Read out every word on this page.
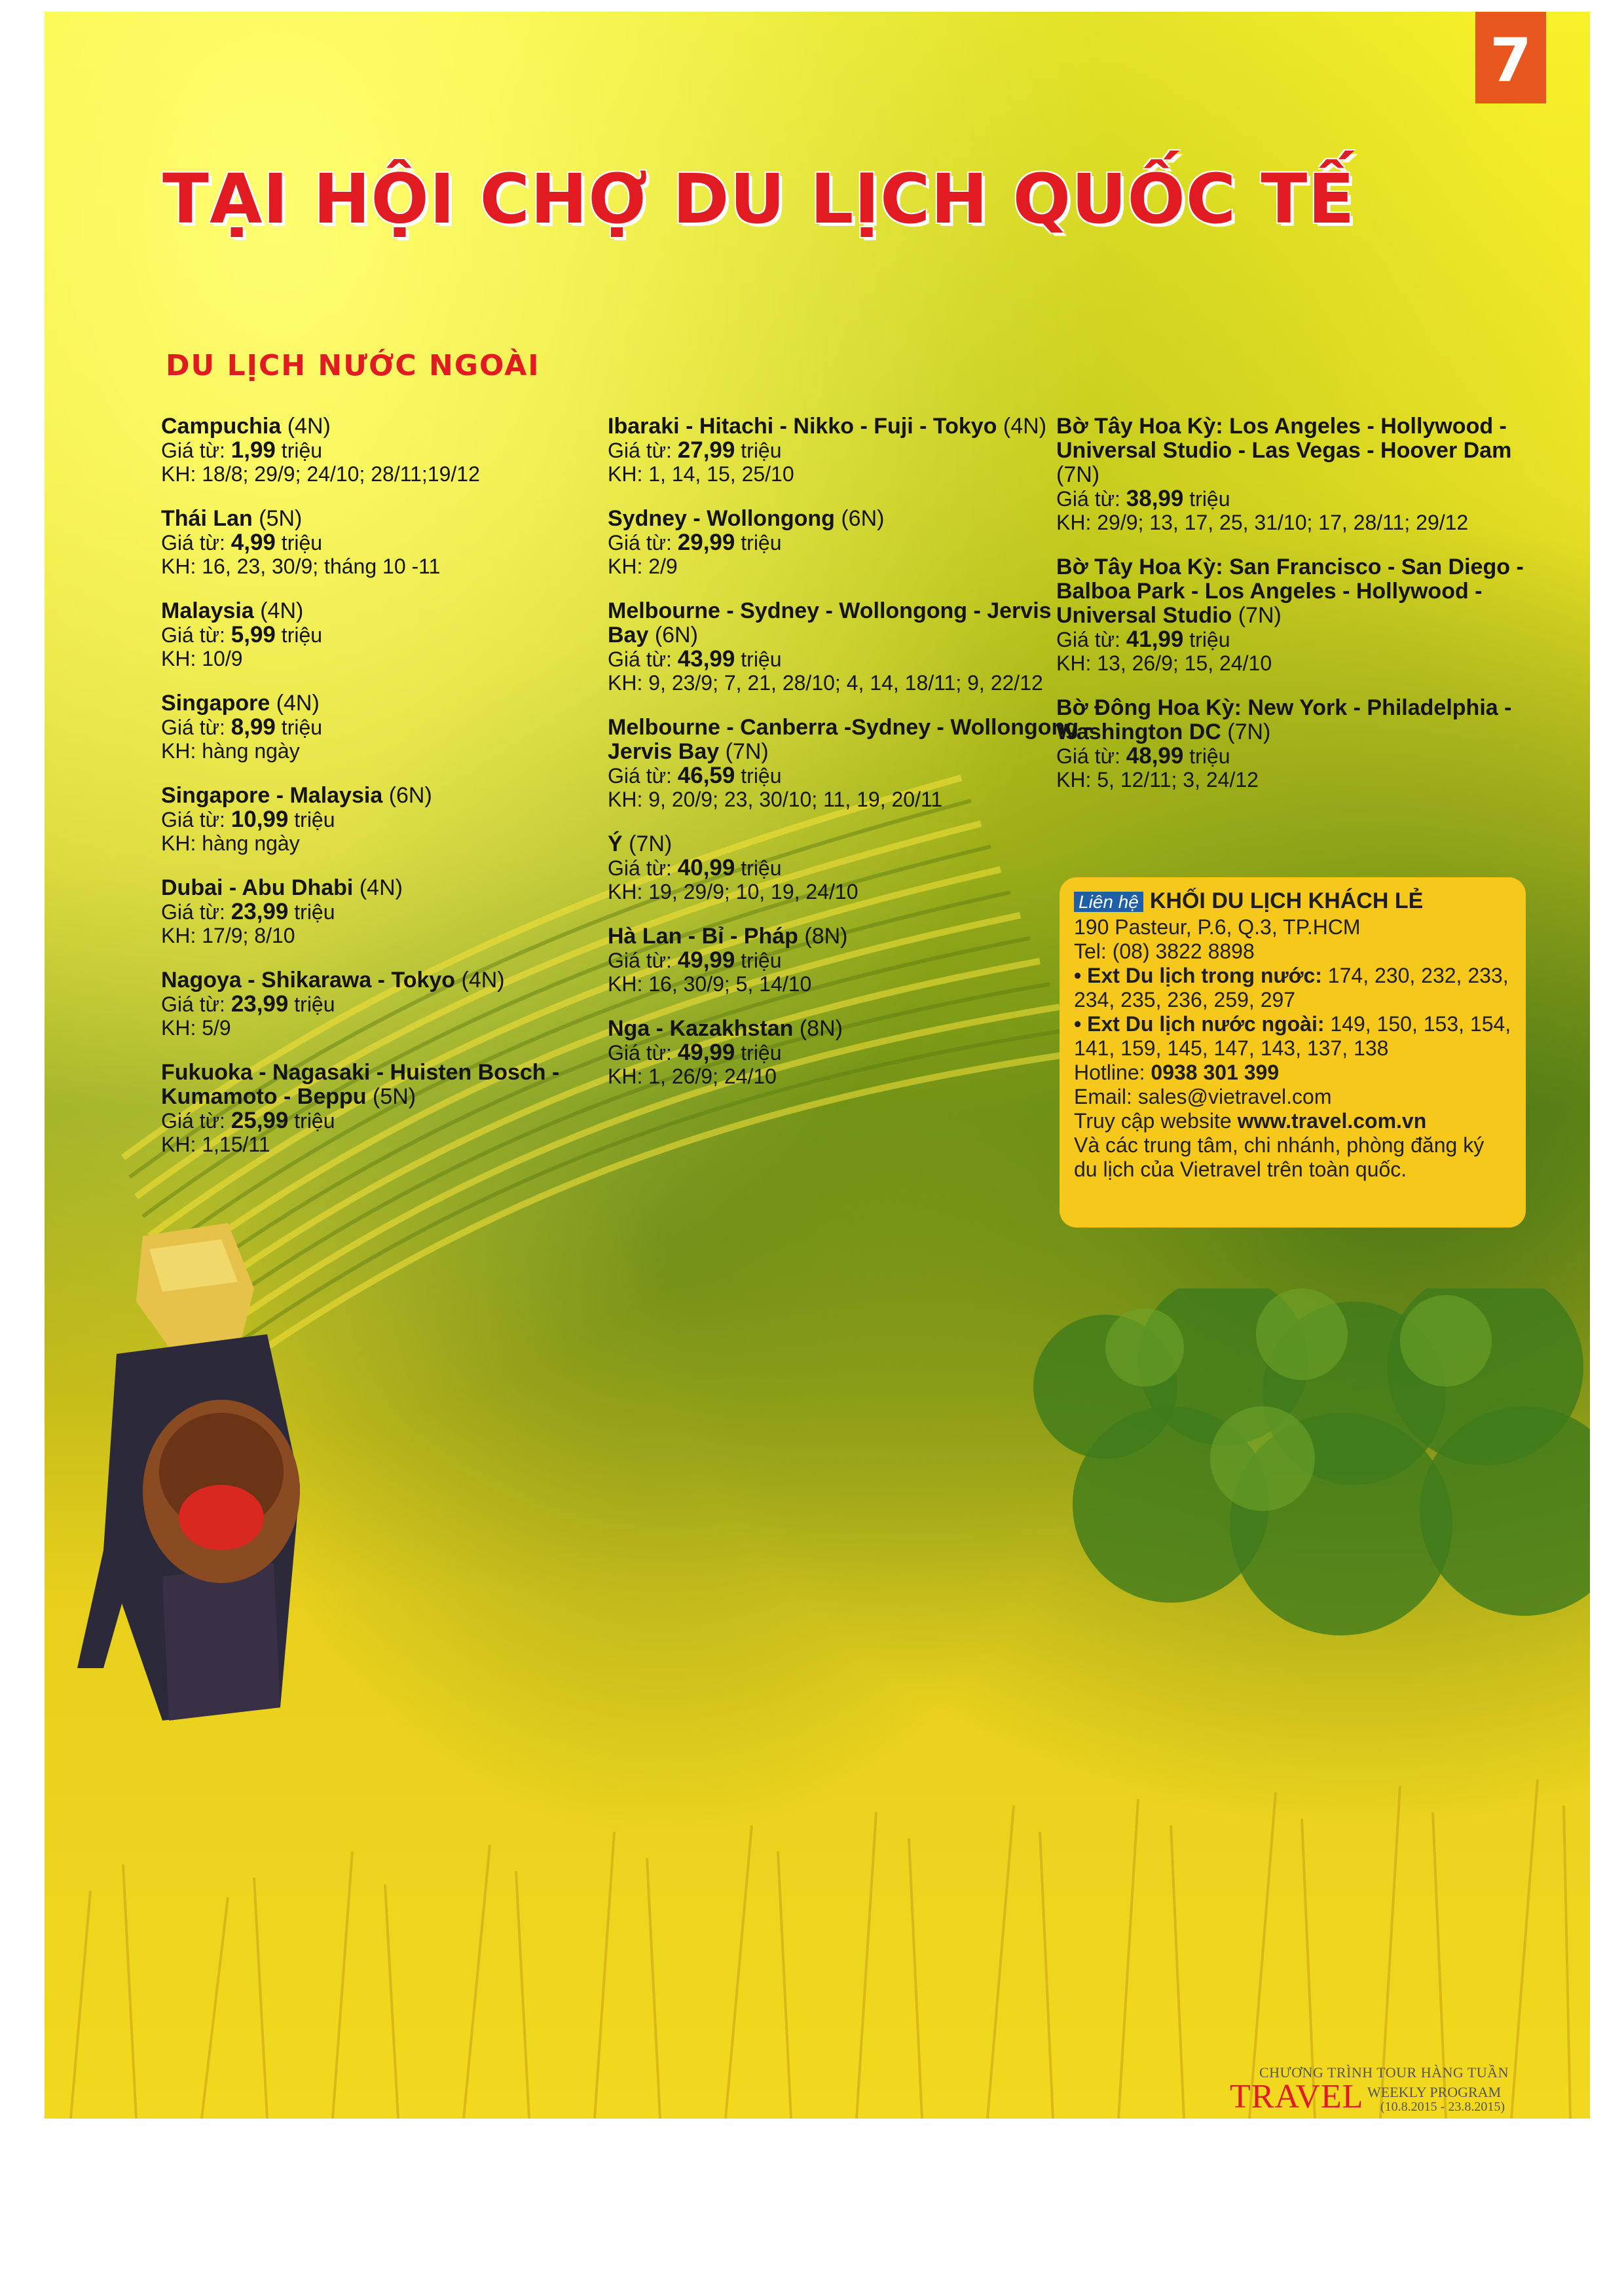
7
TẠI HỘI CHỢ DU LỊCH QUỐC TẾ
DU LỊCH NƯỚC NGOÀI
Campuchia (4N)
Giá từ: 1,99 triệu
KH: 18/8; 29/9; 24/10; 28/11;19/12
Thái Lan (5N)
Giá từ: 4,99 triệu
KH: 16, 23, 30/9; tháng 10 -11
Malaysia (4N)
Giá từ: 5,99 triệu
KH: 10/9
Singapore (4N)
Giá từ: 8,99 triệu
KH: hàng ngày
Singapore - Malaysia (6N)
Giá từ: 10,99 triệu
KH: hàng ngày
Dubai - Abu Dhabi (4N)
Giá từ: 23,99 triệu
KH: 17/9; 8/10
Nagoya - Shikarawa - Tokyo (4N)
Giá từ: 23,99 triệu
KH: 5/9
Fukuoka - Nagasaki - Huisten Bosch - Kumamoto - Beppu (5N)
Giá từ: 25,99 triệu
KH: 1,15/11
Ibaraki - Hitachi - Nikko - Fuji - Tokyo (4N)
Giá từ: 27,99 triệu
KH: 1, 14, 15, 25/10
Sydney - Wollongong (6N)
Giá từ: 29,99 triệu
KH: 2/9
Melbourne - Sydney - Wollongong - Jervis Bay (6N)
Giá từ: 43,99 triệu
KH: 9, 23/9; 7, 21, 28/10; 4, 14, 18/11; 9, 22/12
Melbourne - Canberra -Sydney - Wollongong - Jervis Bay (7N)
Giá từ: 46,59 triệu
KH: 9, 20/9; 23, 30/10; 11, 19, 20/11
Ý (7N)
Giá từ: 40,99 triệu
KH: 19, 29/9; 10, 19, 24/10
Hà Lan - Bỉ - Pháp (8N)
Giá từ: 49,99 triệu
KH: 16, 30/9; 5, 14/10
Nga - Kazakhstan (8N)
Giá từ: 49,99 triệu
KH: 1, 26/9; 24/10
Bờ Tây Hoa Kỳ: Los Angeles - Hollywood - Universal Studio - Las Vegas - Hoover Dam (7N)
Giá từ: 38,99 triệu
KH: 29/9; 13, 17, 25, 31/10; 17, 28/11; 29/12
Bờ Tây Hoa Kỳ: San Francisco - San Diego - Balboa Park - Los Angeles - Hollywood - Universal Studio (7N)
Giá từ: 41,99 triệu
KH: 13, 26/9; 15, 24/10
Bờ Đông Hoa Kỳ: New York - Philadelphia - Washington DC (7N)
Giá từ: 48,99 triệu
KH: 5, 12/11; 3, 24/12
Liên hệ KHỐI DU LỊCH KHÁCH LẺ
190 Pasteur, P.6, Q.3, TP.HCM
Tel: (08) 3822 8898
• Ext Du lịch trong nước: 174, 230, 232, 233, 234, 235, 236, 259, 297
• Ext Du lịch nước ngoài: 149, 150, 153, 154, 141, 159, 145, 147, 143, 137, 138
Hotline: 0938 301 399
Email: sales@vietravel.com
Truy cập website www.travel.com.vn
Và các trung tâm, chi nhánh, phòng đăng ký du lịch của Vietravel trên toàn quốc.
CHƯƠNG TRÌNH TOUR HÀNG TUẦN
TRAVEL WEEKLY PROGRAM
(10.8.2015 - 23.8.2015)
